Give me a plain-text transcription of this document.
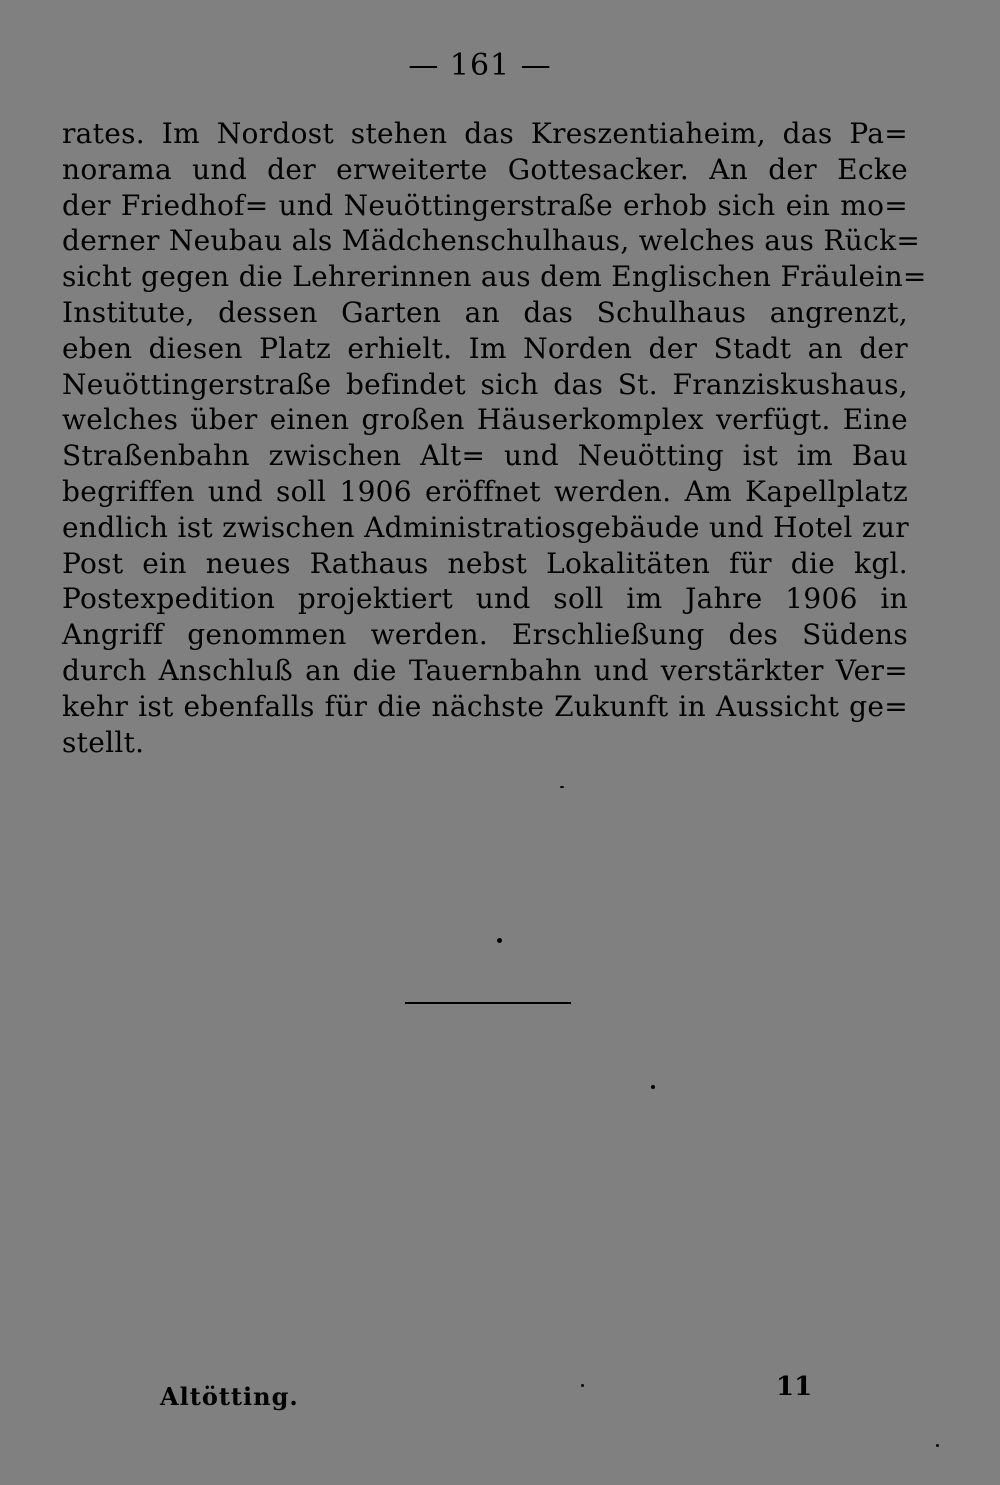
— 161 —
rates. Im Nordost stehen das Kreszentiaheim, das Pa=
norama und der erweiterte Gottesacker. An der Ecke
der Friedhof= und Neuöttingerstraße erhob sich ein mo=
derner Neubau als Mädchenschulhaus, welches aus Rück=
sicht gegen die Lehrerinnen aus dem Englischen Fräulein=
Institute, dessen Garten an das Schulhaus angrenzt,
eben diesen Platz erhielt. Im Norden der Stadt an der
Neuöttingerstraße befindet sich das St. Franziskushaus,
welches über einen großen Häuserkomplex verfügt. Eine
Straßenbahn zwischen Alt= und Neuötting ist im Bau
begriffen und soll 1906 eröffnet werden. Am Kapellplatz
endlich ist zwischen Administratiosgebäude und Hotel zur
Post ein neues Rathaus nebst Lokalitäten für die kgl.
Postexpedition projektiert und soll im Jahre 1906 in
Angriff genommen werden. Erschließung des Südens
durch Anschluß an die Tauernbahn und verstärkter Ver=
kehr ist ebenfalls für die nächste Zukunft in Aussicht ge=
stellt.
Altötting.	11
